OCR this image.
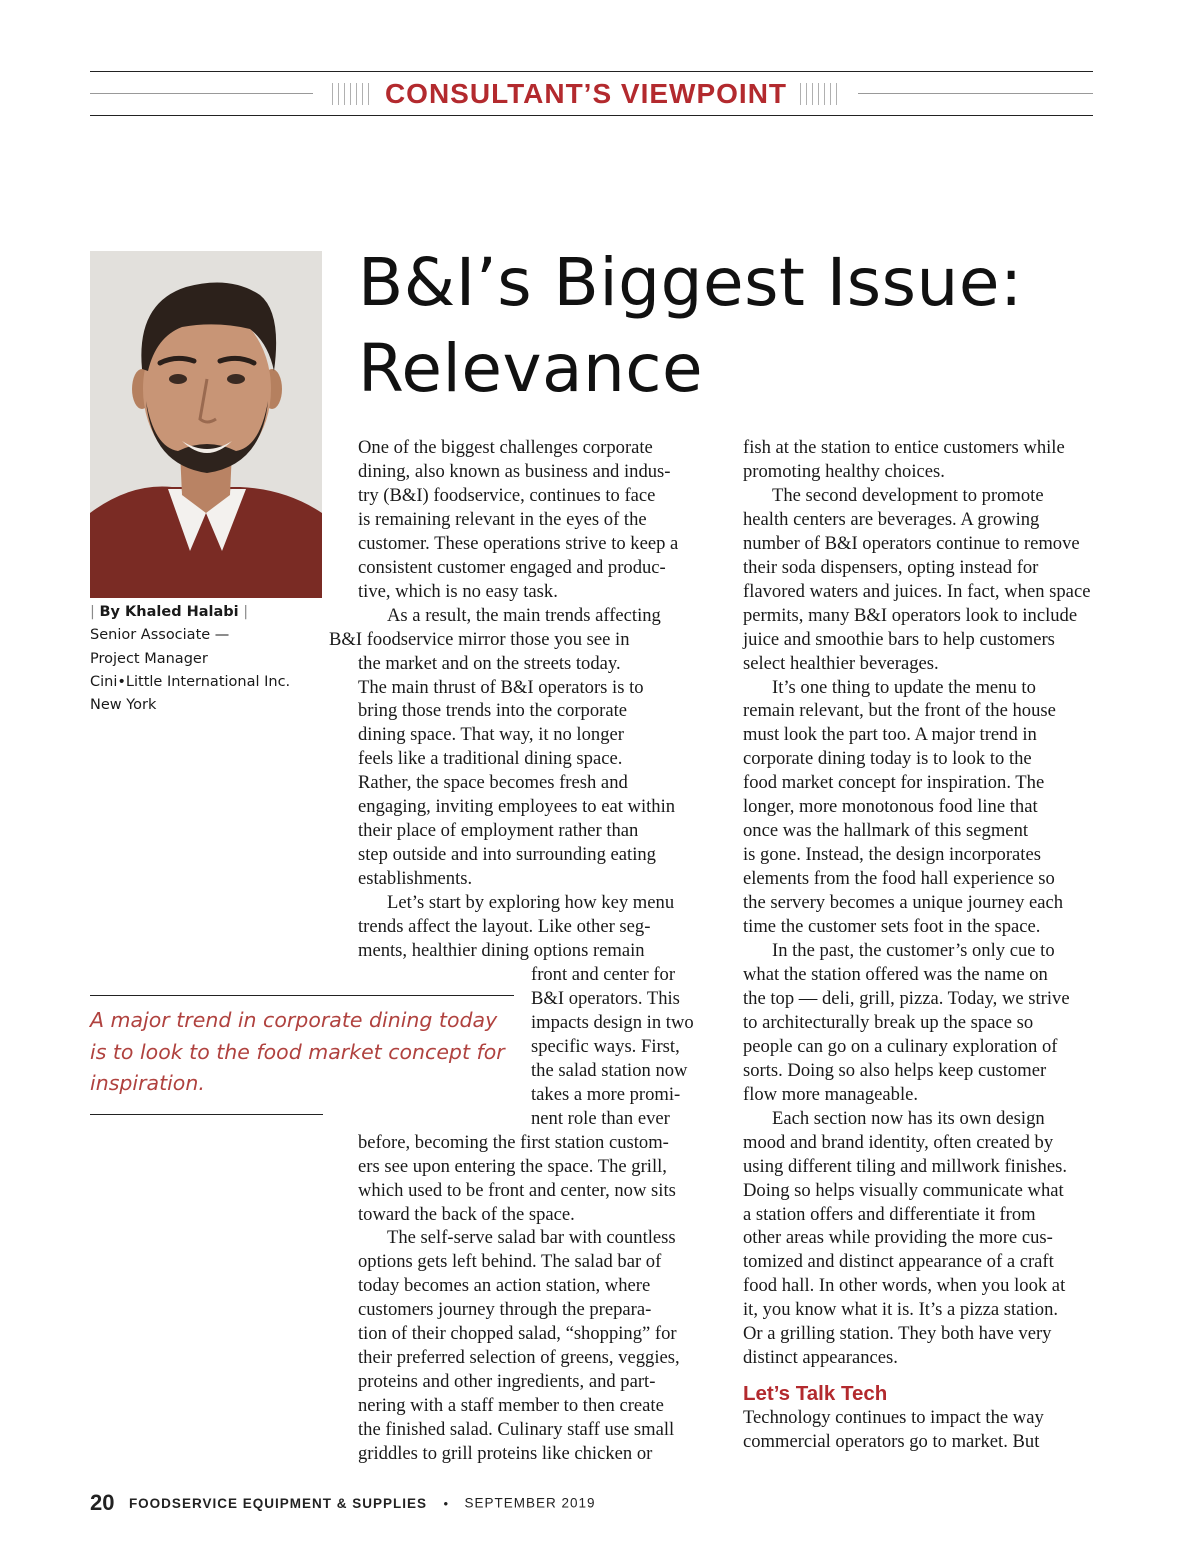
CONSULTANT’S VIEWPOINT
| By Khaled Halabi |
Senior Associate —
Project Manager
Cini•Little International Inc.
New York
B&I’s Biggest Issue: Relevance

One of the biggest challenges corporate
dining, also known as business and indus-
try (B&I) foodservice, continues to face
is remaining relevant in the eyes of the
customer. These operations strive to keep a
consistent customer engaged and produc-
tive, which is no easy task.

As a result, the main trends affecting
B&I foodservice mirror those you see in
the market and on the streets today.
The main thrust of B&I operators is to
bring those trends into the corporate
dining space. That way, it no longer
feels like a traditional dining space.
Rather, the space becomes fresh and
engaging, inviting employees to eat within
their place of employment rather than
step outside and into surrounding eating
establishments.

Let’s start by exploring how key menu
trends affect the layout. Like other seg-
ments, healthier dining options remain

front and center for
B&I operators. This
impacts design in two
specific ways. First,
the salad station now
takes a more promi-
nent role than ever

before, becoming the first station custom-
ers see upon entering the space. The grill,
which used to be front and center, now sits
toward the back of the space.

The self-serve salad bar with countless
options gets left behind. The salad bar of
today becomes an action station, where
customers journey through the prepara-
tion of their chopped salad, “shopping” for
their preferred selection of greens, veggies,
proteins and other ingredients, and part-
nering with a staff member to then create
the finished salad. Culinary staff use small
griddles to grill proteins like chicken or

A major trend in corporate dining today is to look to the food market concept for inspiration.

fish at the station to entice customers while
promoting healthy choices.

The second development to promote
health centers are beverages. A growing
number of B&I operators continue to remove
their soda dispensers, opting instead for
flavored waters and juices. In fact, when space
permits, many B&I operators look to include
juice and smoothie bars to help customers
select healthier beverages.

It’s one thing to update the menu to
remain relevant, but the front of the house
must look the part too. A major trend in
corporate dining today is to look to the
food market concept for inspiration. The
longer, more monotonous food line that
once was the hallmark of this segment
is gone. Instead, the design incorporates
elements from the food hall experience so
the servery becomes a unique journey each
time the customer sets foot in the space.

In the past, the customer’s only cue to
what the station offered was the name on
the top — deli, grill, pizza. Today, we strive
to architecturally break up the space so
people can go on a culinary exploration of
sorts. Doing so also helps keep customer
flow more manageable.

Each section now has its own design
mood and brand identity, often created by
using different tiling and millwork finishes.
Doing so helps visually communicate what
a station offers and differentiate it from
other areas while providing the more cus-
tomized and distinct appearance of a craft
food hall. In other words, when you look at
it, you know what it is. It’s a pizza station.
Or a grilling station. They both have very
distinct appearances.

Let’s Talk Tech

Technology continues to impact the way
commercial operators go to market. But

20 FOODSERVICE EQUIPMENT & SUPPLIES • SEPTEMBER 2019
